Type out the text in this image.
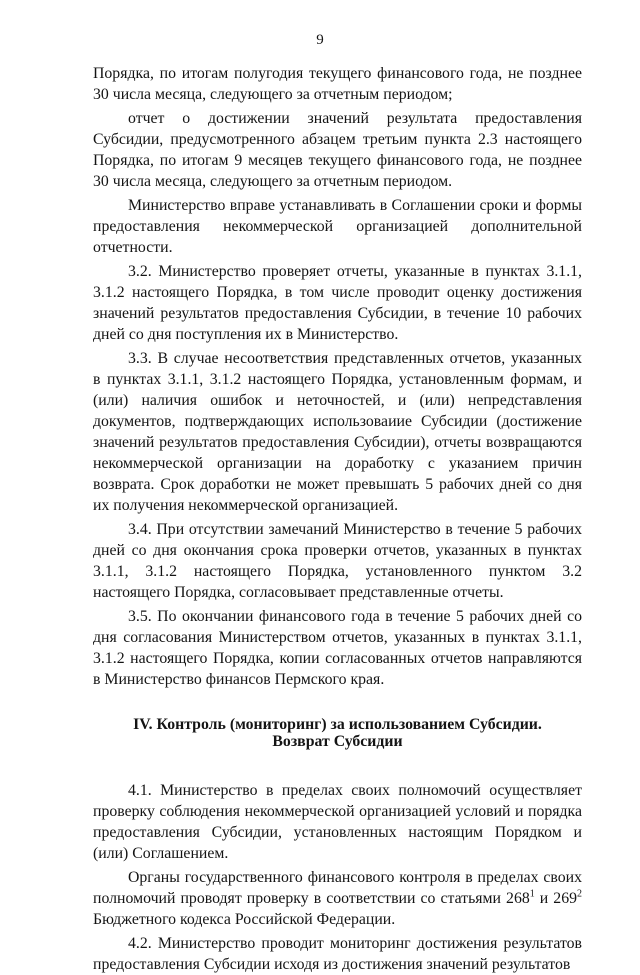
9

Порядка, по итогам полугодия текущего финансового года, не позднее 30 числа месяца, следующего за отчетным периодом;

отчет о достижении значений результата предоставления Субсидии, предусмотренного абзацем третьим пункта 2.3 настоящего Порядка, по итогам 9 месяцев текущего финансового года, не позднее 30 числа месяца, следующего за отчетным периодом.

Министерство вправе устанавливать в Соглашении сроки и формы предоставления некоммерческой организацией дополнительной отчетности.

3.2. Министерство проверяет отчеты, указанные в пунктах 3.1.1, 3.1.2 настоящего Порядка, в том числе проводит оценку достижения значений результатов предоставления Субсидии, в течение 10 рабочих дней со дня поступления их в Министерство.

3.3. В случае несоответствия представленных отчетов, указанных в пунктах 3.1.1, 3.1.2 настоящего Порядка, установленным формам, и (или) наличия ошибок и неточностей, и (или) непредставления документов, подтверждающих использоваиие Субсидии (достижение значений результатов предоставления Субсидии), отчеты возвращаются некоммерческой организации на доработку с указанием причин возврата. Срок доработки не может превышать 5 рабочих дней со дня их получения некоммерческой организацией.

3.4. При отсутствии замечаний Министерство в течение 5 рабочих дней со дня окончания срока проверки отчетов, указанных в пунктах 3.1.1, 3.1.2 настоящего Порядка, установленного пунктом 3.2 настоящего Порядка, согласовывает представленные отчеты.

3.5. По окончании финансового года в течение 5 рабочих дней со дня согласования Министерством отчетов, указанных в пунктах 3.1.1, 3.1.2 настоящего Порядка, копии согласованных отчетов направляются в Министерство финансов Пермского края.

IV. Контроль (мониторинг) за использованием Субсидии.
Возврат Субсидии

4.1. Министерство в пределах своих полномочий осуществляет проверку соблюдения некоммерческой организацией условий и порядка предоставления Субсидии, установленных настоящим Порядком и (или) Соглашением.

Органы государственного финансового контроля в пределах своих полномочий проводят проверку в соответствии со статьями $268^1$ и $269^2$ Бюджетного кодекса Российской Федерации.

4.2. Министерство проводит мониторинг достижения результатов предоставления Субсидии исходя из достижения значений результатов
